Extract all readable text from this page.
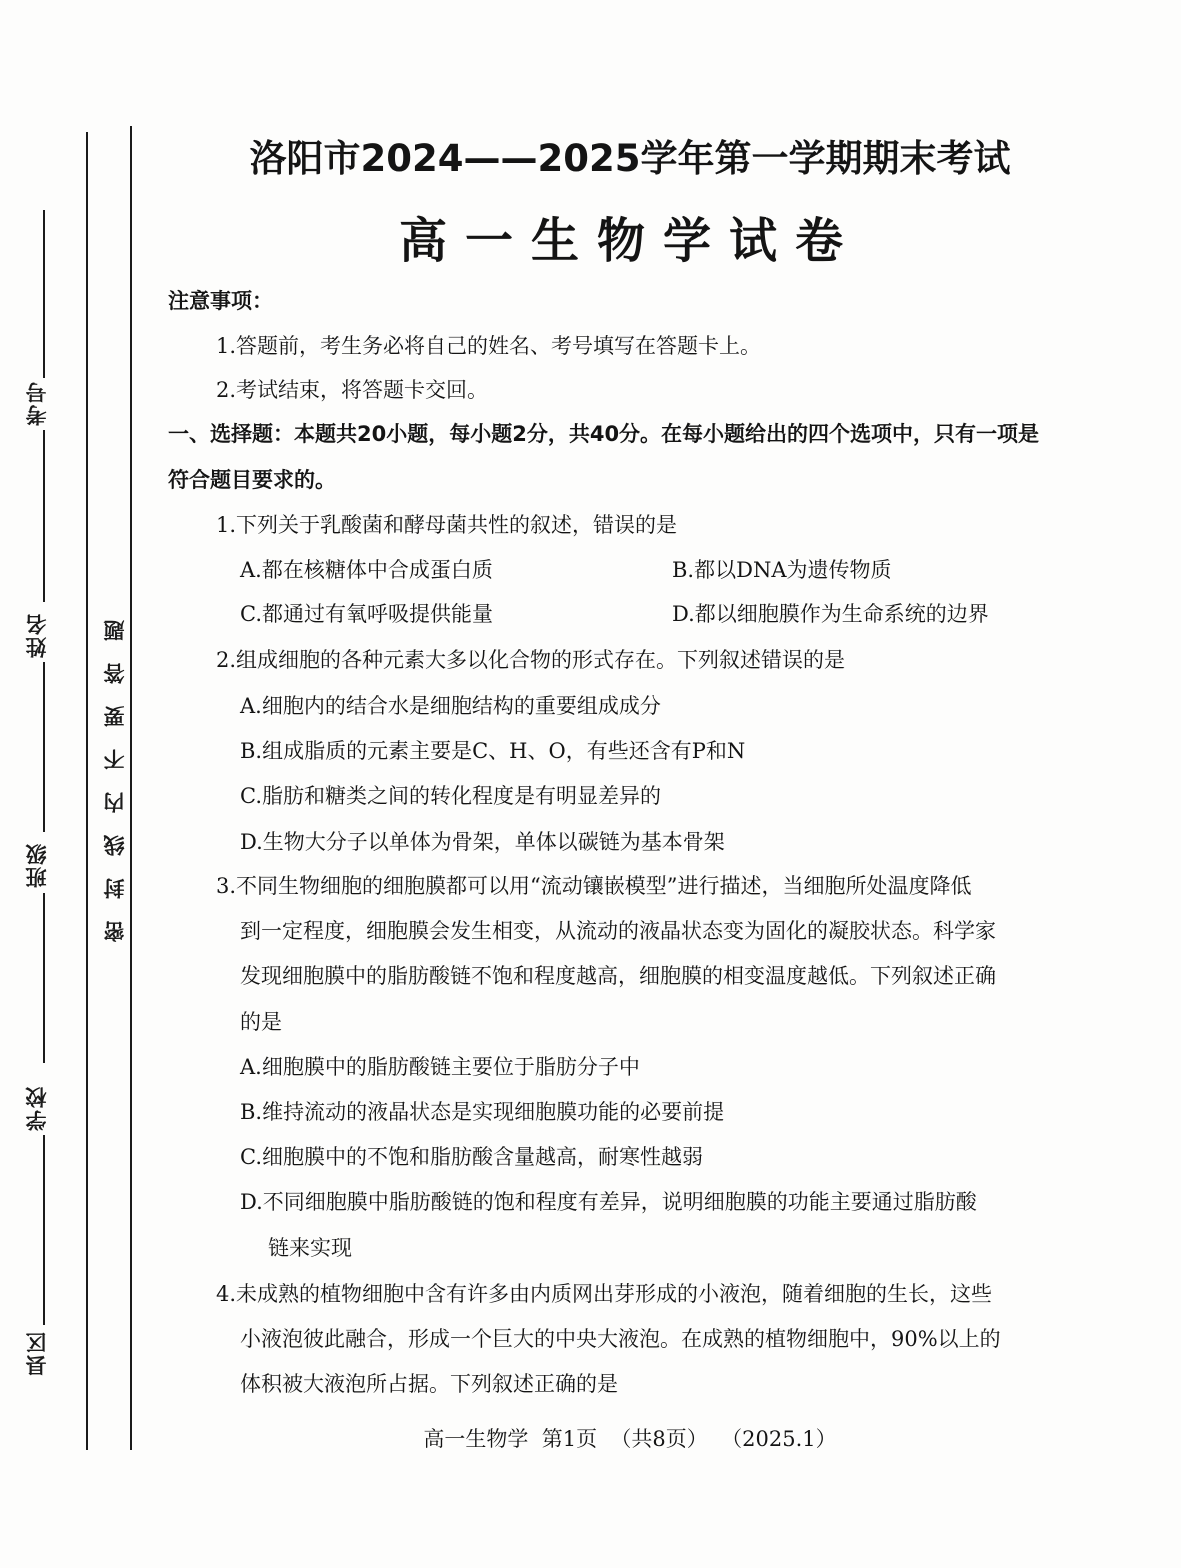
考号
姓名
班级
学校
县区
密封线内不要答题
洛阳市2024——2025学年第一学期期末考试
高一生物学试卷
注意事项：
1.答题前，考生务必将自己的姓名、考号填写在答题卡上。
2.考试结束，将答题卡交回。
一、选择题：本题共20小题，每小题2分，共40分。在每小题给出的四个选项中，只有一项是
符合题目要求的。
1.下列关于乳酸菌和酵母菌共性的叙述，错误的是
A.都在核糖体中合成蛋白质	B.都以DNA为遗传物质
C.都通过有氧呼吸提供能量	D.都以细胞膜作为生命系统的边界
2.组成细胞的各种元素大多以化合物的形式存在。下列叙述错误的是
A.细胞内的结合水是细胞结构的重要组成成分
B.组成脂质的元素主要是C、H、O，有些还含有P和N
C.脂肪和糖类之间的转化程度是有明显差异的
D.生物大分子以单体为骨架，单体以碳链为基本骨架
3.不同生物细胞的细胞膜都可以用“流动镶嵌模型”进行描述，当细胞所处温度降低
到一定程度，细胞膜会发生相变，从流动的液晶状态变为固化的凝胶状态。科学家
发现细胞膜中的脂肪酸链不饱和程度越高，细胞膜的相变温度越低。下列叙述正确
的是
A.细胞膜中的脂肪酸链主要位于脂肪分子中
B.维持流动的液晶状态是实现细胞膜功能的必要前提
C.细胞膜中的不饱和脂肪酸含量越高，耐寒性越弱
D.不同细胞膜中脂肪酸链的饱和程度有差异，说明细胞膜的功能主要通过脂肪酸
链来实现
4.未成熟的植物细胞中含有许多由内质网出芽形成的小液泡，随着细胞的生长，这些
小液泡彼此融合，形成一个巨大的中央大液泡。在成熟的植物细胞中，90%以上的
体积被大液泡所占据。下列叙述正确的是
高一生物学  第1页  （共8页）  （2025.1）
